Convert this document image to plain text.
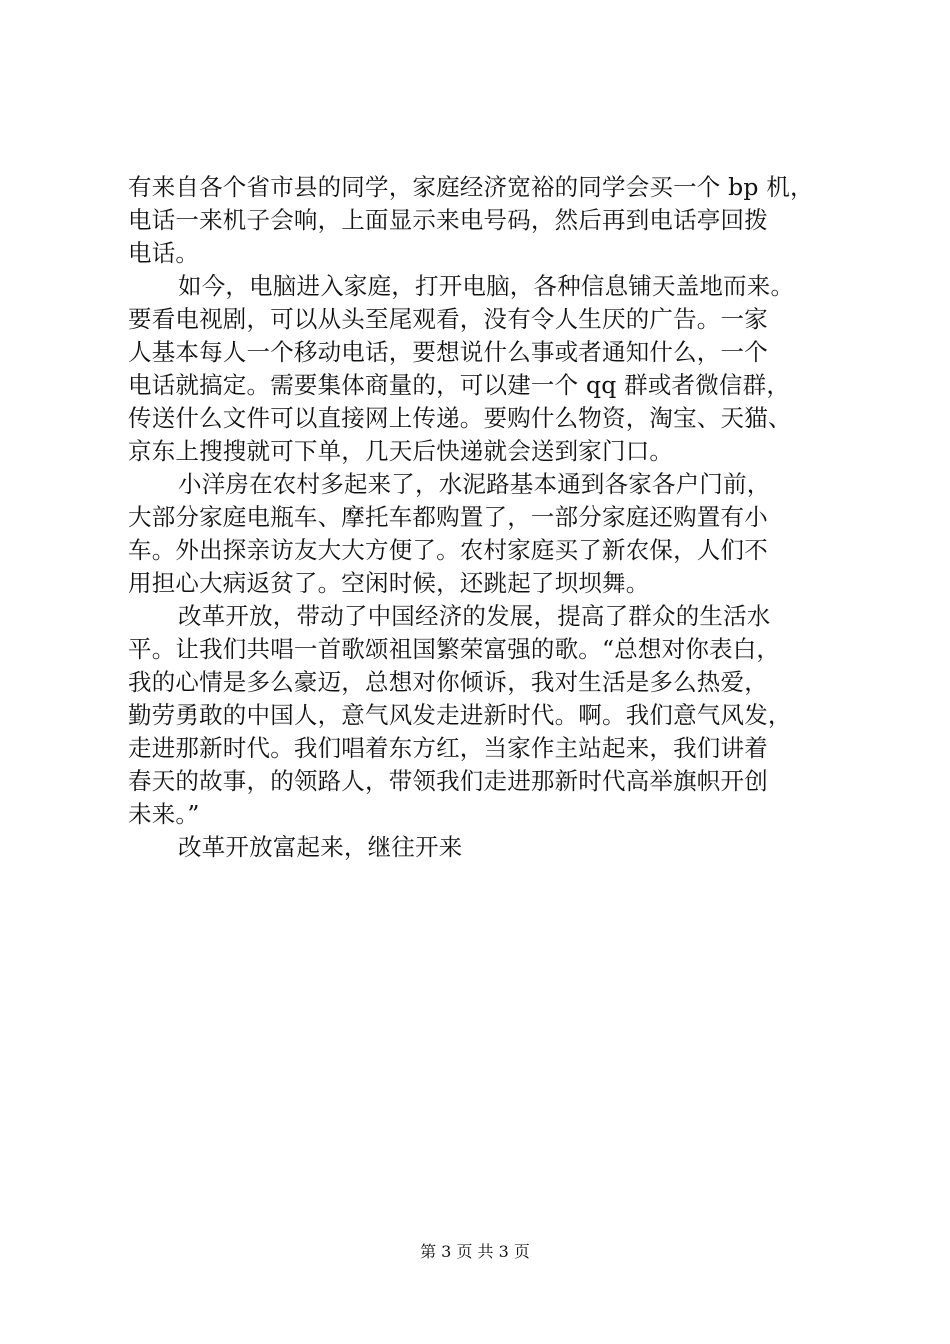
有来自各个省市县的同学，家庭经济宽裕的同学会买一个 bp 机，
电话一来机子会响，上面显示来电号码，然后再到电话亭回拨
电话。
如今，电脑进入家庭，打开电脑，各种信息铺天盖地而来。
要看电视剧，可以从头至尾观看，没有令人生厌的广告。一家
人基本每人一个移动电话，要想说什么事或者通知什么，一个
电话就搞定。需要集体商量的，可以建一个 qq 群或者微信群，
传送什么文件可以直接网上传递。要购什么物资，淘宝、天猫、
京东上搜搜就可下单，几天后快递就会送到家门口。
小洋房在农村多起来了，水泥路基本通到各家各户门前，
大部分家庭电瓶车、摩托车都购置了，一部分家庭还购置有小
车。外出探亲访友大大方便了。农村家庭买了新农保，人们不
用担心大病返贫了。空闲时候，还跳起了坝坝舞。
改革开放，带动了中国经济的发展，提高了群众的生活水
平。让我们共唱一首歌颂祖国繁荣富强的歌。“总想对你表白，
我的心情是多么豪迈，总想对你倾诉，我对生活是多么热爱，
勤劳勇敢的中国人，意气风发走进新时代。啊。我们意气风发，
走进那新时代。我们唱着东方红，当家作主站起来，我们讲着
春天的故事，的领路人，带领我们走进那新时代高举旗帜开创
未来。”
改革开放富起来，继往开来
第 3 页 共 3 页
